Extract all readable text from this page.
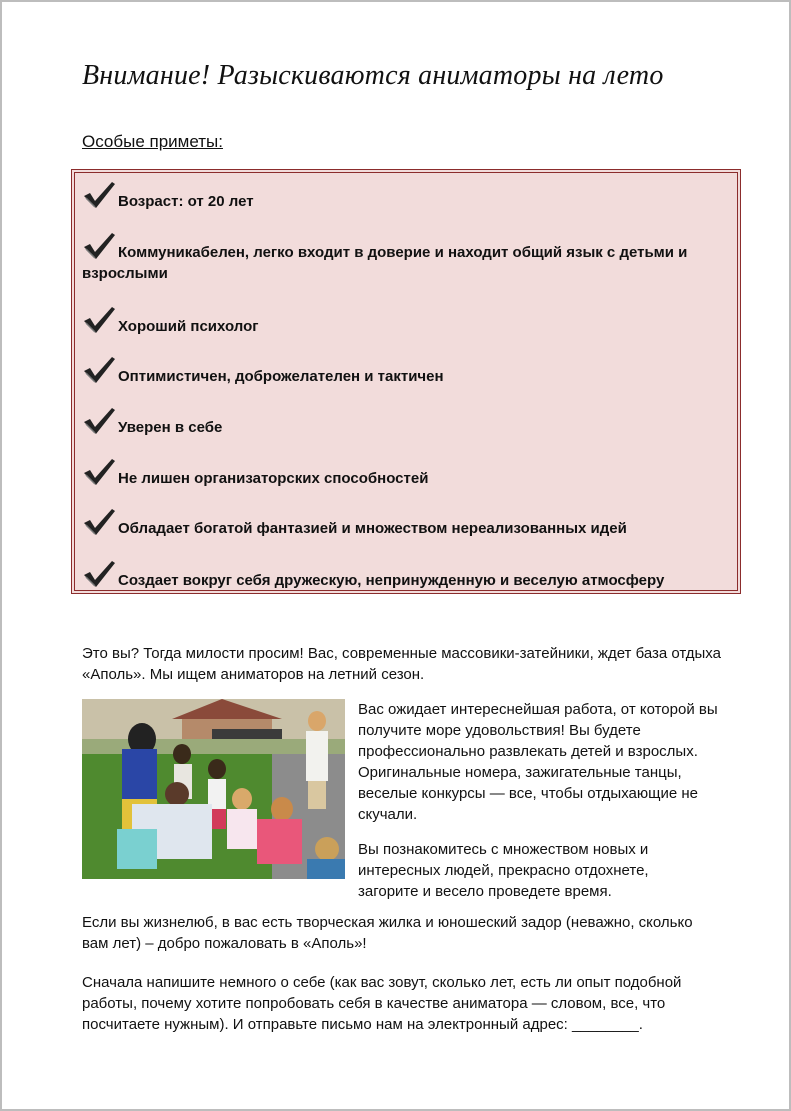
Внимание! Разыскиваются аниматоры на лето
Особые приметы:
Возраст: от 20 лет
Коммуникабелен, легко входит в доверие и находит общий язык с детьми и взрослыми
Хороший психолог
Оптимистичен, доброжелателен и тактичен
Уверен в себе
Не лишен организаторских способностей
Обладает богатой фантазией и множеством нереализованных идей
Создает вокруг себя дружескую, непринужденную и веселую атмосферу
Это вы? Тогда милости просим! Вас, современные массовики-затейники, ждет база отдыха «Аполь». Мы ищем аниматоров на летний сезон.
Вас ожидает интереснейшая работа, от которой вы получите море удовольствия! Вы будете профессионально развлекать детей и взрослых. Оригинальные номера, зажигательные танцы, веселые конкурсы — все, чтобы отдыхающие не скучали.
Вы познакомитесь с множеством новых и интересных людей, прекрасно отдохнете, загорите и весело проведете время.
Если вы жизнелюб, в вас есть творческая жилка и юношеский задор (неважно, сколько вам лет) – добро пожаловать в «Аполь»!
Сначала напишите немного о себе (как вас зовут, сколько лет, есть ли опыт подобной работы, почему хотите попробовать себя в качестве аниматора — словом, все, что посчитаете нужным). И отправьте письмо нам на электронный адрес: ________.
